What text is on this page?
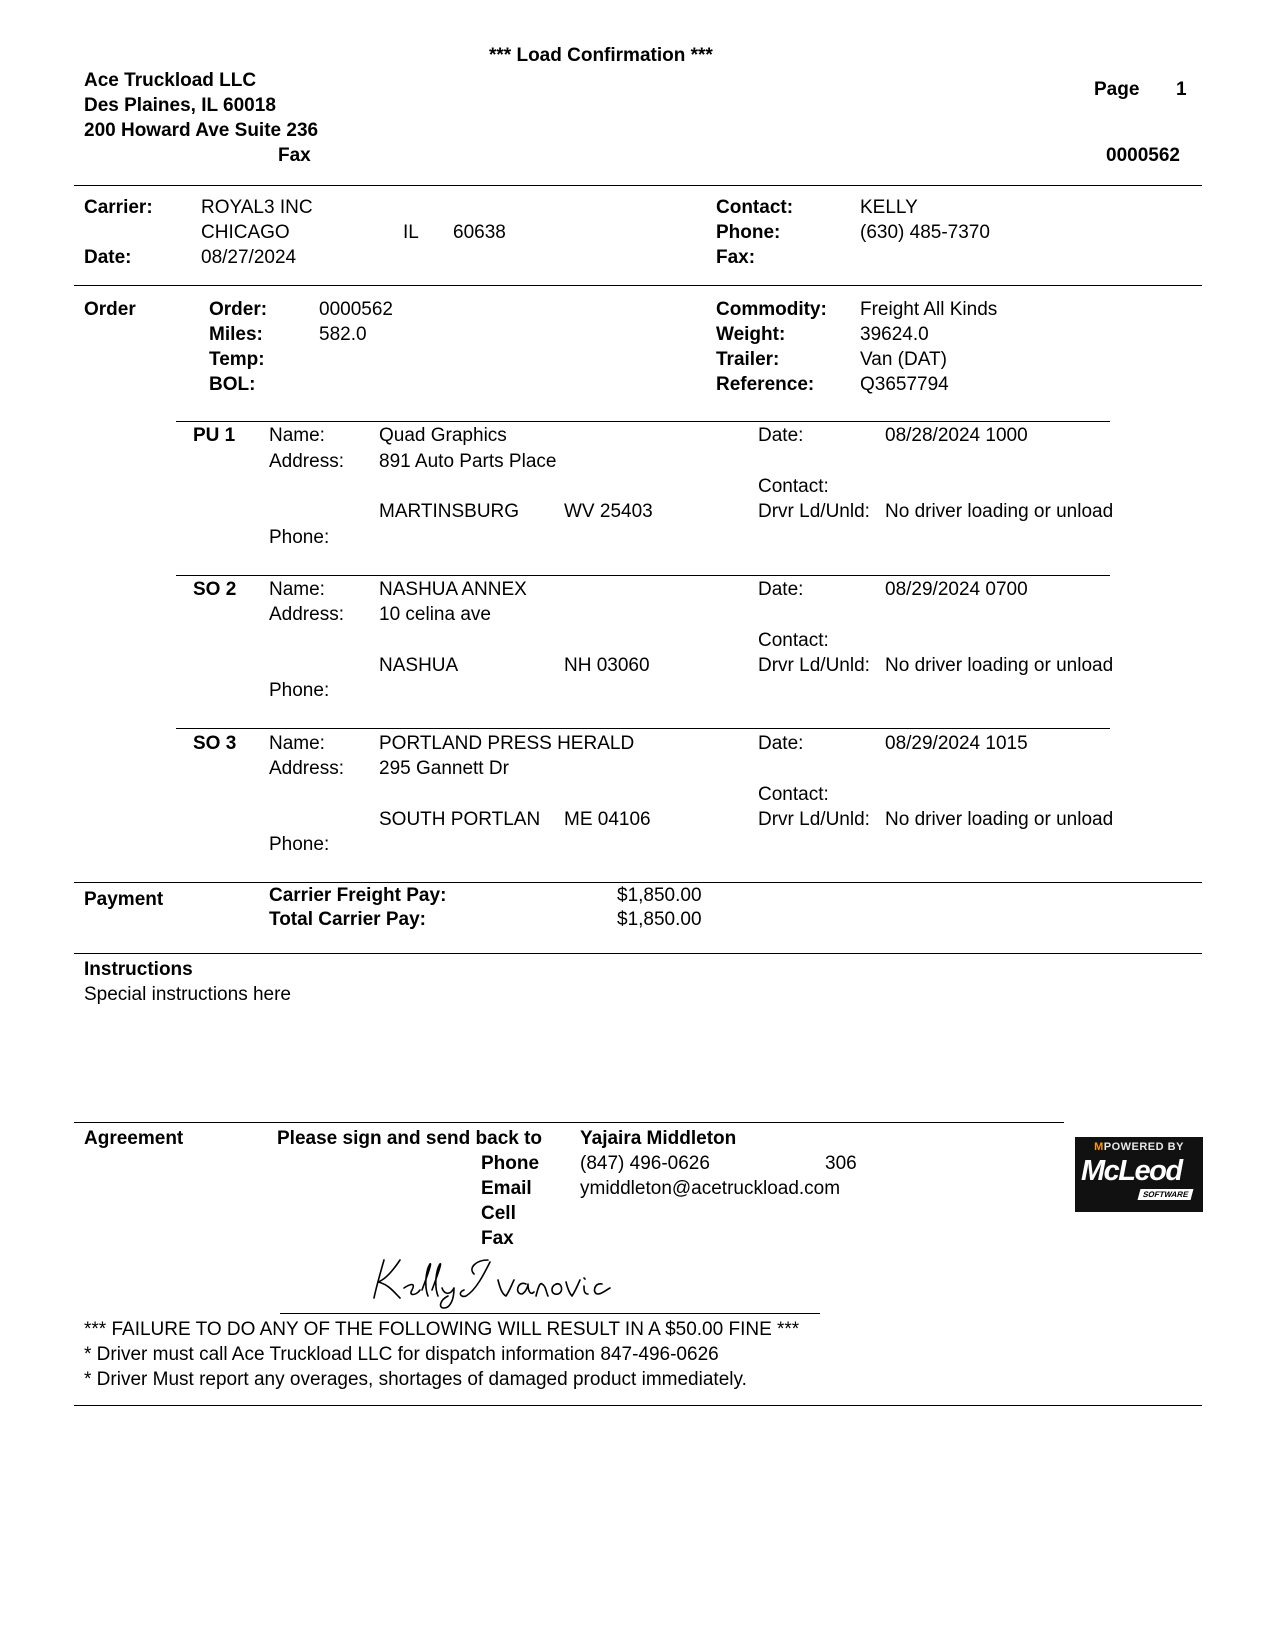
*** Load Confirmation ***
Ace Truckload LLC
Des Plaines, IL 60018
200 Howard Ave Suite 236
Fax
Page 1
0000562
Carrier:	ROYAL3 INC
CHICAGO	IL 60638
Date:	08/27/2024
Contact:	KELLY
Phone:	(630) 485-7370
Fax:
Order	Order:	0000562
Miles:	582.0
Temp:
BOL:
Commodity: Freight All Kinds
Weight:	39624.0
Trailer:	Van (DAT)
Reference: Q3657794
PU 1 Name:	Quad Graphics
Address: 891 Auto Parts Place
MARTINSBURG WV 25403
Phone:
Date:	08/28/2024 1000
Contact:
Drvr Ld/Unld: No driver loading or unload
SO 2 Name:	NASHUA ANNEX
Address: 10 celina ave
NASHUA	NH 03060
Phone:
Date:	08/29/2024 0700
Contact:
Drvr Ld/Unld: No driver loading or unload
SO 3 Name:	PORTLAND PRESS HERALD
Address: 295 Gannett Dr
SOUTH PORTLAN ME 04106
Phone:
Date:	08/29/2024 1015
Contact:
Drvr Ld/Unld: No driver loading or unload
Payment	Carrier Freight Pay:	$1,850.00
Total Carrier Pay:	$1,850.00
Instructions
Special instructions here
Agreement	Please sign and send back to Yajaira Middleton
Phone (847) 496-0626	306
Email	ymiddleton@acetruckload.com
Cell
Fax
MPOWERED BY
McLeod
SOFTWARE
*** FAILURE TO DO ANY OF THE FOLLOWING WILL RESULT IN A $50.00 FINE ***
* Driver must call Ace Truckload LLC for dispatch information 847-496-0626
* Driver Must report any overages, shortages of damaged product immediately.
